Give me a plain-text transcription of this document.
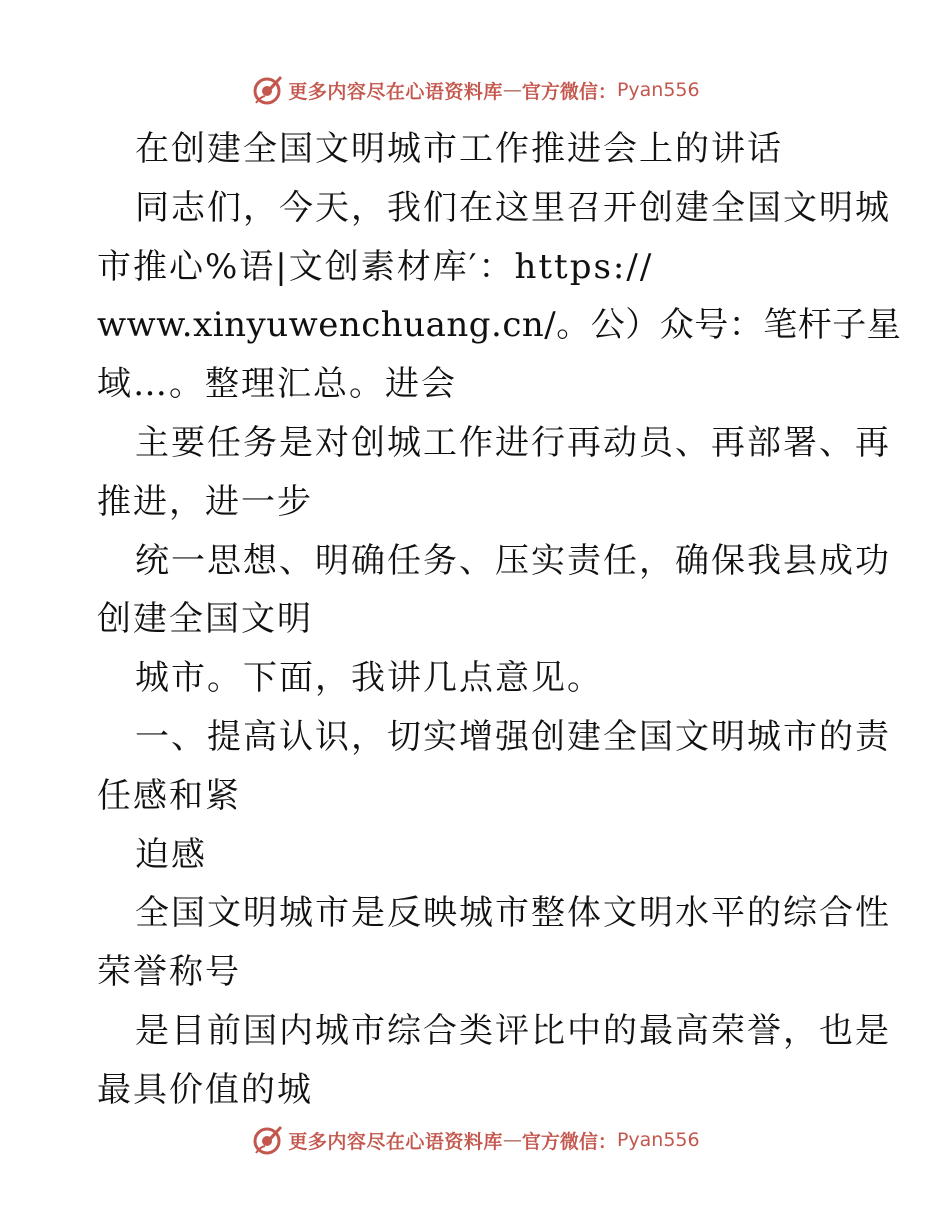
更多内容尽在心语资料库 — 官方微信： Pyan556
在创建全国文明城市工作推进会上的讲话
同志们，今天，我们在这里召开创建全国文明城
市推心%语|文创素材库′：https://
www.xinyuwenchuang.cn/。公）众号：笔杆子星
域…。整理汇总。进会
主要任务是对创城工作进行再动员、再部署、再
推进，进一步
统一思想、明确任务、压实责任，确保我县成功
创建全国文明
城市。下面，我讲几点意见。
一、提高认识，切实增强创建全国文明城市的责
任感和紧
迫感
全国文明城市是反映城市整体文明水平的综合性
荣誉称号
是目前国内城市综合类评比中的最高荣誉，也是
最具价值的城
更多内容尽在心语资料库 — 官方微信： Pyan556
